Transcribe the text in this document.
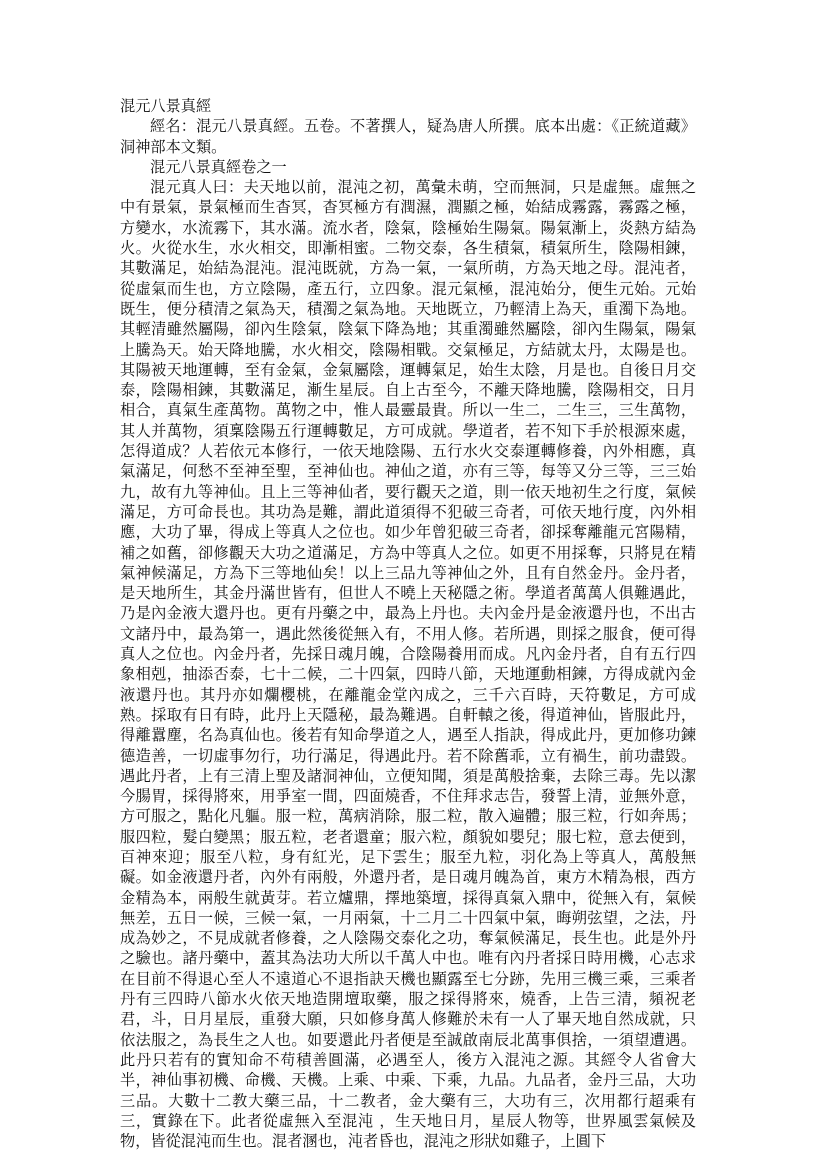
混元八景真經

經名：混元八景真經。五卷。不著撰人，疑為唐人所撰。底本出處：《正統道藏》洞神部本文類。

混元八景真經卷之一

混元真人曰：夫天地以前，混沌之初，萬彙未萌，空而無洞，只是虛無。虛無之中有景氣，景氣極而生杳冥，杳冥極方有潤濕，潤顯之極，始結成霧露，霧露之極，方變水，水流霧下，其水滿。流水者，陰氣，陰極始生陽氣。陽氣漸上，炎熱方結為火。火從水生，水火相交，即漸相蜜。二物交泰，各生積氣，積氣所生，陰陽相鍊，其數滿足，始結為混沌。混沌既就，方為一氣，一氣所萌，方為天地之母。混沌者，從虛氣而生也，方立陰陽，產五行，立四象。混元氣極，混沌始分，便生元始。元始既生，便分積清之氣為天，積濁之氣為地。天地既立，乃輕清上為天，重濁下為地。其輕清雖然屬陽，卻內生陰氣，陰氣下降為地；其重濁雖然屬陰，卻內生陽氣，陽氣上騰為天。始天降地騰，水火相交，陰陽相戰。交氣極足，方結就太丹，太陽是也。其陽被天地運轉，至有金氣，金氣屬陰，運轉氣足，始生太陰，月是也。自後日月交泰，陰陽相鍊，其數滿足，漸生星辰。自上古至今，不離天降地騰，陰陽相交，日月相合，真氣生產萬物。萬物之中，惟人最靈最貴。所以一生二，二生三，三生萬物，其人并萬物，須稟陰陽五行運轉數足，方可成就。學道者，若不知下手於根源來處，怎得道成？人若依元本修行，一依天地陰陽、五行水火交泰運轉修養，內外相應，真氣滿足，何愁不至神至聖，至神仙也。神仙之道，亦有三等，每等又分三等，三三始九，故有九等神仙。且上三等神仙者，要行觀天之道，則一依天地初生之行度，氣候滿足，方可命長也。其功為是難，謂此道須得不犯破三奇者，可依天地行度，內外相應，大功了畢，得成上等真人之位也。如少年曾犯破三奇者，卻採奪離龍元宮陽精，補之如舊，卻修觀天大功之道滿足，方為中等真人之位。如更不用採奪，只將見在精氣神候滿足，方為下三等地仙矣！以上三品九等神仙之外，且有自然金丹。金丹者，是天地所生，其金丹滿世皆有，但世人不曉上天秘隱之術。學道者萬萬人俱難遇此，乃是內金液大還丹也。更有丹藥之中，最為上丹也。夫內金丹是金液還丹也，不出古文諸丹中，最為第一，遇此然後從無入有，不用人修。若所遇，則採之服食，便可得真人之位也。內金丹者，先採日魂月魄，合陰陽養用而成。凡內金丹者，自有五行四象相剋，抽添否泰，七十二候，二十四氣，四時八節，天地運動相鍊，方得成就內金液還丹也。其丹亦如爛櫻桃，在離龍金堂內成之，三千六百時，天符數足，方可成熟。採取有日有時，此丹上天隱秘，最為難遇。自軒轅之後，得道神仙，皆服此丹，得離囂塵，名為真仙也。後若有知命學道之人，遇至人指訣，得成此丹，更加修功鍊德造善，一切虛事勿行，功行滿足，得遇此丹。若不除舊乖，立有禍生，前功盡毀。遇此丹者，上有三清上聖及諸洞神仙，立便知聞，須是萬般捨棄，去除三毒。先以潔今腸胃，採得將來，用爭室一間，四面燒香，不住拜求志告，發誓上清，並無外意，方可服之，點化凡軀。服一粒，萬病消除，服二粒，散入遍體；服三粒，行如奔馬；服四粒，髮白變黑；服五粒，老者還童；服六粒，顏貌如嬰兒；服七粒，意去便到，百神來迎；服至八粒，身有紅光，足下雲生；服至九粒，羽化為上等真人，萬般無礙。如金液還丹者，內外有兩般，外還丹者，是日魂月魄為首，東方木精為根，西方金精為本，兩般生就黃芽。若立爐鼎，擇地築壇，採得真氣入鼎中，從無入有，氣候無差，五日一候，三候一氣，一月兩氣，十二月二十四氣中氣，晦朔弦望，之法，丹成為妙之，不見成就者修養，之人陰陽交泰化之功，奪氣候滿足，長生也。此是外丹之驗也。諸丹藥中，蓋其為法功大所以千萬人中也。唯有內丹者採日時用機，心志求在目前不得退心至人不遠道心不退指訣天機也顯露至七分跡，先用三機三乘，三乘者丹有三四時八節水火依天地造開壇取藥，服之採得將來，燒香，上告三清，頻祝老君，斗，日月星辰，重發大願，只如修身萬人修難於未有一人了畢天地自然成就，只依法服之，為長生之人也。如要還此丹者便是至誠啟南辰北萬事俱捨，一須望遭遇。此丹只若有的實知命不苟積善圓滿，必遇至人，後方入混沌之源。其經令人省會大半，神仙事初機、命機、天機。上乘、中乘、下乘，九品。九品者，金丹三品，大功三品。大數十二教大藥三品，十二教者，金大藥有三，大功有三，次用都行超乘有三，實錄在下。此者從虛無入至混沌 ，生天地日月，星辰人物等，世界風雲氣候及物，皆從混沌而生也。混者溷也，沌者昏也，混沌之形狀如雞子，上圓下
